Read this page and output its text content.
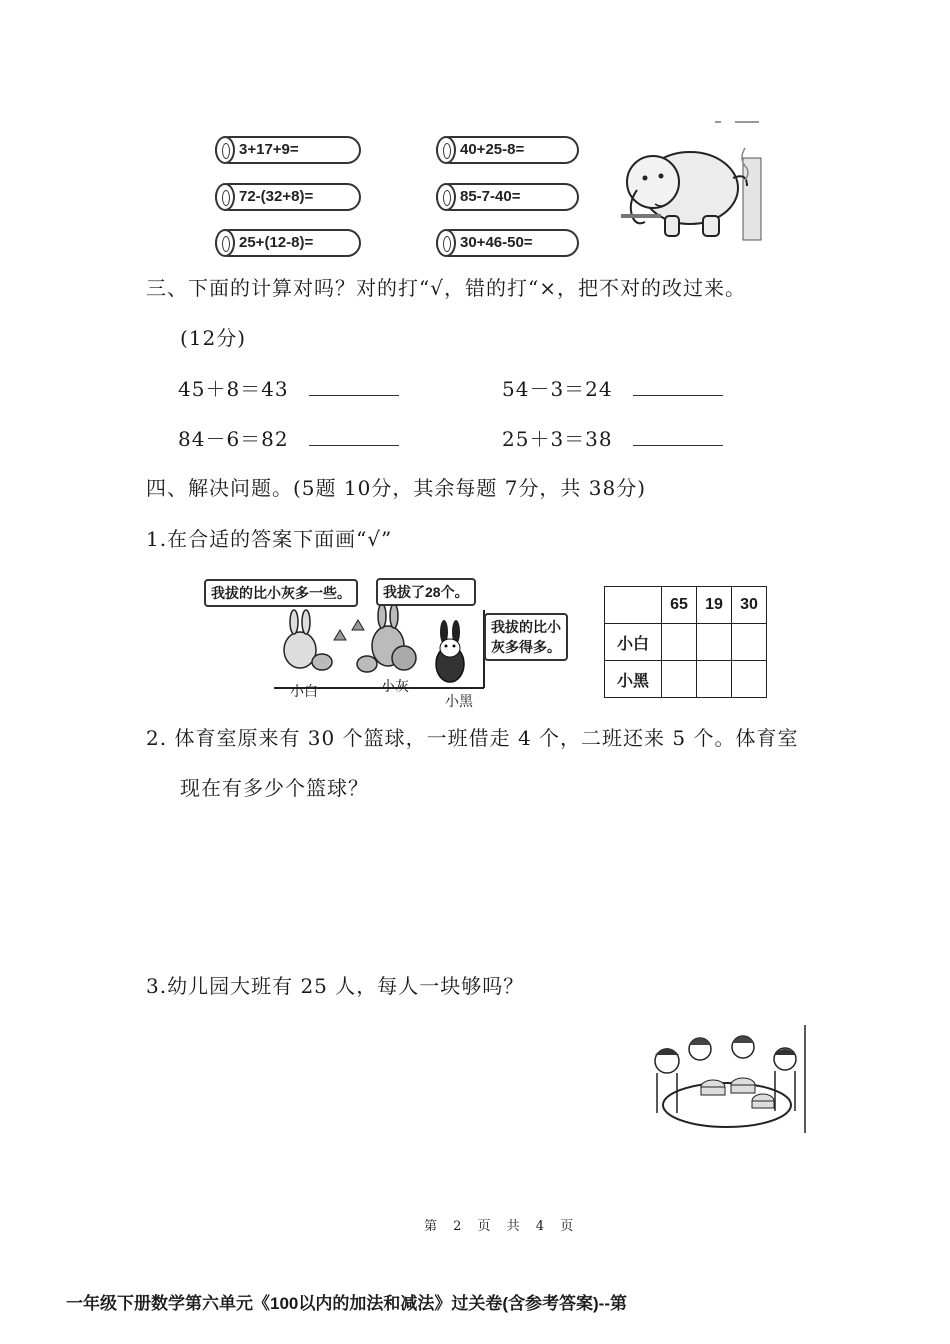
3+17+9=	40+25-8=
72-(32+8)=	85-7-40=
25+(12-8)=	30+46-50=
三、下面的计算对吗？对的打“√，错的打“×，把不对的改过来。
(12分)
45＋8＝43	54－3＝24
84－6＝82	25＋3＝38
四、解决问题。(5题 10分，其余每题 7分，共 38分)
1.在合适的答案下面画“√”
我拔的比小灰多一些。	我拔了28个。
我拔的比小
灰多得多。
小白	小灰
小黑
	65	19	30
小白			
小黑			
2. 体育室原来有 30 个篮球，一班借走 4 个，二班还来 5 个。体育室
现在有多少个篮球？
3.幼儿园大班有 25 人，每人一块够吗？
第 2 页 共 4 页
一年级下册数学第六单元《100以内的加法和减法》过关卷(含参考答案)--第
